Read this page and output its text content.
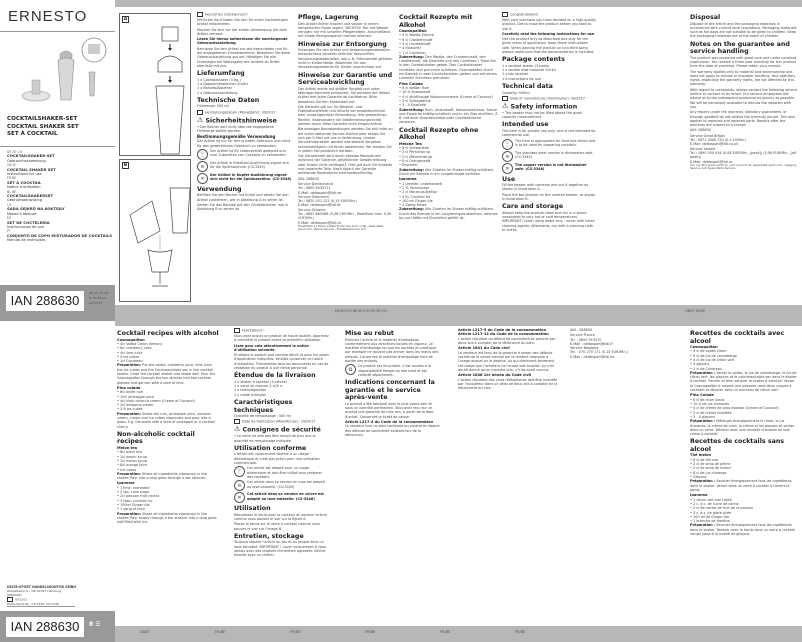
ERNESTO
COCKTAILSHAKER-SET
COCKTAIL SHAKER SET
SET À COCKTAIL
DE AT CH
COCKTAILSHAKER-SET
Gebrauchsanweisung
GB IE
COCKTAIL SHAKER SET
Instructions for use
FR BE
SET À COCKTAIL
Notice d'utilisation
NL BE
COCKTAILSHAKERSET
Gebruiksaanwijzing
CZ
SADA ŠEJKRŮ NA KOKTEJLY
Návod k obsluze
ES
SET DE COCTELERÍA
Instrucciones de uso
PT
CONJUNTO DE COPO MISTURADOR DE COCKTAILS
Manual de instruções
IAN 288630	DE AT CH GB IE FR BE NL CZ ES PT
A
B

Herzlichen Glückwunsch!

Mit Ihrem Kauf haben Sie sich für einen hochwertigen Artikel entschieden.

Machen Sie sich vor der ersten Verwendung mit dem Artikel vertraut.

Lesen Sie hierzu aufmerksam die nachfolgende Gebrauchsanleitung.

Benutzen Sie den Artikel nur wie beschrieben und für die angegebenen Einsatzbereiche. Bewahren Sie diese Gebrauchsanleitung gut auf. Händigen Sie alle Unterlagen bei Weitergabe des Artikels an Dritte ebenfalls mit aus.

Lieferumfang
1 x Cocktailshaker (3 tlg.)
1 x Doppelmessbecher 2cl/4cl
1 x Barsieb/Abseiher
1 x Gebrauchsanleitung
Technische Daten

Füllmenge: 500 ml

Herstellungsdatum (Monat/Jahr): 09/2017

⚠ Sicherheitshinweise
• Der Becher darf nicht über die angegebene Füllmenge befüllt werden.
Bestimmungsgemäße Verwendung

Der Artikel ist nur für den privaten Gebrauch und nicht für den gewerblichen Gebrauch zu verwenden.

🍸
Der Artikel ist für Lebensmittel geeignet und zum Zubereiten von Cocktails zu verwenden.
≋
Der Artikel in Edelstahl-Ausführung eignet sich für die Spülmaschine. (CS-3345)
✕
Der Artikel in Kupfer-Ausführung eignet sich nicht für die Spülmaschine. (CS-3346)
Verwendung

Befüllen Sie den Becher mit Inhalt und setzen Sie den Artikel zusammen, wie in Abbildung A zu sehen ist.

Setzen Sie das Barsieb auf den Cocktailbecher, wie in Abbildung B zu sehen ist.

Pflege, Lagerung

Den Artikel immer trocken und sauber in einem temperierten Raum lagern. WICHTIG! Nur mit Wasser reinigen; nie mit scharfen Pflegemitteln. Anschließend mit einem Reinigungstuch trocken wischen.

Hinweise zur Entsorgung

Entsorgen Sie den Artikel und Verpackungsmaterialien entsprechend aktueller örtlicher Vorschriften. Verpackungsmaterialien, wie z. B. Folienbeutel gehören nicht in Kinderhände. Bewahren Sie das Verpackungsmaterial für Kinder unerreichbar auf.

Hinweise zur Garantie und Serviceabwicklung

Der Artikel wurde mit größter Sorgfalt und unter ständiger Kontrolle produziert. Sie erhalten auf diesen Artikel drei Jahre Garantie ab Kaufdatum. Bitte bewahren Sie den Kassenbon auf.

Die Garantie gilt nur für Material- und Fabrikationsfehler und erlischt bei missbräuchlicher oder unsachgemäßer Behandlung. Ihre gesetzlichen Rechte, insbesondere die Gewährleistungsrechte, werden durch diese Garantie nicht eingeschränkt.

Bei etwaigen Beanstandungen wenden Sie sich bitte an die unten stehende Service-Hotline oder setzen Sie sich per E-Mail mit uns in Verbindung. Unsere Servicemitarbeiter werden das weitere Vorgehen schnellstmöglich mit Ihnen abstimmen. Wir werden Sie in jedem Fall persönlich beraten.

Die Garantiezeit wird durch etwaige Reparaturen aufgrund der Garantie, gesetzlicher Gewährleistung oder Kulanz nicht verlängert. Dies gilt auch für ersetzte und reparierte Teile. Nach Ablauf der Garantie anfallende Reparaturen sind kostenpflichtig.

IAN: 288630

Service Deutschland
Tel.: 0800 5435111
E-Mail: deltasport@lidl.de
Service Österreich
Tel.: 0820 201 222 (0,15 EUR/Min.)
E-Mail: deltasport@lidl.at
Service Schweiz
Tel.: 0842 665566 (0,08 CHF/Min., Mobilfunk max. 0,40 CHF/Min.)
E-Mail: deltasport@lidl.ch

Ersatzteile zu Ihrem Artikel finden Sie auch unter: www.delta-sport.com, Rubrik Service - Ersatzteilservice Lidl

Cocktail Rezepte mit Alkohol
Cosmopolitan
• 4 cl Wodka Zitrone
• 6 cl Cranberrysaft
• 4 cl Limettensaft
• 4 Eiswürfel
• 1 cl Cointreau

Zubereitung: Den Wodka, den Cranberrysaft, den Limettensaft, die Eiswürfel und den Cointreau / Triple Sec in den Cocktailshaker geben. Den Cocktailshaker schließen und gut durch schütteln. Cosmopolitan durch ein Barsieb in zwei Cocktailschalen gießen und mit einem Limetten Schnitzen garnieren.

Pina Colada
• 6 cl weißer Rum
• 10 cl Ananassaft
• 4 cl dickflüssige Kokosnusscreme (Cream of Coconut)
• 2 cl Schlagsahne
• 3 - 4 Eiswürfel

Zubereitung: Rum, Ananassaft, Kokosnusscreme, Sahne und Eiswürfel kräftig schütteln und in ein Glas einfüllen. Z. B. mit einer Ananasscheibe oder Cocktailkirsche verzieren.

Cocktail Rezepte ohne Alkohol
Melone Tea
• 8 cl Schwarztee
• 2 cl Pfirsichsirup
• 2 cl Melonensirup
• 8 cl Orangensaft
• Eiswürfel

Zubereitung: Alle Zutaten im Shaker kräftig schütteln. Durch ein Barsieb in ein Longdrinkglas einfüllen.

Ipanema
• 1 Limette, unbehandelt
• 2 TL Rohrzucker
• 2 cl Maracuja-Nektar
• 3 EL Crushed Ice
• 100 ml Ginger Ale
• 1 Zweig Minze

Zubereitung: Alle Zutaten im Shaker kräftig schütteln. Durch das Barsieb in ein Longdrinkglas abseihen, welches bis zur Hälfte mit Eiswürfeln gefüllt ist.

Congratulations!

With your purchase you have decided on a high-quality product. Get to know the product before you start to use it.

Carefully read the following instructions for use.

Use the product only as described and only for the given areas of application. Keep these instructions safe. When passing the product on to a third party, always make sure that the documentation is included.

Package contents
1 x cocktail shaker (3 parts)
1 x double shot measure 2cl/4cl
1 x bar strainer
1 x instructions for use
Technical data

Capacity: 500ml

Date of manufacture (month/year): 09/2017

⚠ Safety information
• The beaker may not be filled above the given capacity measurement.
Intended use

The item is for private use only, and is not intended for commercial use.

🍸
The item is appropriate for food and drinks and is to be used for preparing cocktails.
≋
The stainless steel version is dishwasher safe. (CS-3345)
✕
The copper version is not dishwasher safe. (CS-3346)
Use

Fill the beaker with contents and put it together as shown in illustration A.

Place the bar strainer on the cocktail beaker, as shown in illustration B.

Care and storage

Always keep the product clean and dry in a space unexposed to very hot or cold temperatures. IMPORTANT! Clean using water only - never with harsh cleaning agents. Afterwards, dry with a cleaning cloth or cloths.

Disposal

Dispose of the article and the packaging materials in accordance with current local regulations. Packaging materials such as foil bags are not suitable to be given to children. Keep the packaging materials out of the reach of children.

Notes on the guarantee and service handling

The product was produced with great care and under constant supervision. You receive a three-year warranty for this product from the date of purchase. Please retain your receipt.

The warranty applies only to material and workmanship and does not apply to misuse or improper handling. Your statutory rights, especially the warranty rights, are not affected by this warranty.

With regard to complaints, please contact the following service hotline or contact us by email. Our service employees will advise as to the subsequent procedure as quickly as possible. We will be personally available to discuss the situation with you.

Any repairs under the warranty, statutory guarantees, or through goodwill do not extend the warranty period. This also applies to replaced and repaired parts. Repairs after the warranty are subject to a charge.

IAN: 288630

Service Great Britain
Tel.: 0871 5000 720 (£ 0.10/Min.)
E-Mail: deltasport@lidl.co.uk
Service Ireland
Tel.: 1890 930 034 (0,08 EUR/Min., [peak]) (0,06 EUR/Min., [off peak])
E-Mail: deltasport@lidl.ie

You can find spare parts for your product at: www.delta-sport.com, category Service, Lidl Spare Parts Service.

DE/AT/CH DE/AT/CH DE/AT/CH	GB/IE GB/IE
DELTA-SPORT HANDELSKONTOR GMBH
Wragekamp 6 • DE-22397 Hamburg
GERMANY
09/2017
Delta-Sport-Nr.: CS-3345, CS-3346
IAN 288630	8 ☰
Cocktail recipes with alcohol
Cosmopolitan
• 4cl Vodka Citron (lemon)
• 6cl cranberry juice
• 4cl lime juice
• 4 ice cubes
• 1cl Cointreau

Preparation: Put the vodka, cranberry juice, lime juice, the ice cubes and the Cointreau/triple sec in the cocktail shaker. Close the cocktail shaker and shake well. Pour the Cosmopolitan through the bar strainer into two cocktail glasses and garnish with a slice of lime.

Pina colada
• 6cl white rum
• 10cl pineapple juice
• 4cl thick coconut cream (Cream of Coconut)
• 2cl whipping cream
• 3-4 ice cubes

Preparation: Shake the rum, pineapple juice, coconut cream, cream and ice cubes vigorously and pour into a glass. E.g. Decorate with a slice of pineapple or a cocktail cherry.

Non-alcoholic cocktail recipes
Melon tea
• 8cl black tea
• 2cl peach syrup
• 2cl melon syrup
• 8cl orange juice
• Ice cubes

Preparation: Shake all ingredients vigorously in the shaker. Pour into a long glass through a bar strainer.

Ipanema
• 1 lime, untreated
• 2 tsp. cane sugar
• 2cl passion fruit nectar
• 3 tbsp. crushed ice
• 100ml Ginger Ale
• 1 sprig of mint

Preparation: Shake all ingredients vigorously in the shaker. Pour slowly through a bar strainer into a long glass half-filled with ice.

Félicitations !

Vous avez acquis un produit de haute qualité. Apprenez à connaître le produit avant sa première utilisation.

Lisez pour cela attentivement la notice d'utilisation suivante.

N'utilisez le produit que comme décrit et pour les zones d'application indiquées. Veuillez conserver ce notice d'utilisation. Transmettez tous les documents en cas de cessation du produit à une tierce personne.

Étendue de la livraison
1 x shaker à cocktail (3 pièces)
1 x verre de mesure 2 cl/4 cl
1 x tamis/égouttoir
1 x mode d'emploi
Caractéristiques techniques

Quantité de remplissage : 500 ml

Date de fabrication (Mois/Année) : 09/2017

⚠ Consignes de sécurité
• Le verre ne doit pas être rempli de plus que la quantité de remplissage indiquée.
Utilisation conforme

L'article est uniquement destiné à un usage domestique et n'est pas prévu pour une utilisation commerciale.

🍸
Cet article est adapté pour un usage alimentaire et doit être utilisé pour préparer des cocktails.
≋
Cet article dans sa version en inox est adapté au lave-vaisselle. (CS-3345)
✕
Cet article dans sa version en cuivre est adapté au lave-vaisselle. (CS-3346)
Utilisation

Remplissez le verre avec le contenu et montez l'article comme vous pouvez le voir sur la figure A.

Placez le tamis sur le verre à cocktail comme vous pouvez le voir sur l'image B.

Entretien, stockage

Toujours stocker l'article au sec et au propre dans un local tempéré. IMPORTANT ! Laver uniquement à l'eau, jamais avec des produits d'entretien agressifs. Sécher ensuite avec un chiffon.

Mise au rebut

Éliminez l'article et le matériel d'emballage conformément aux directives locales en vigueur. Le matériel d'emballage tel que les sachets en plastique par exemple ne doivent pas arriver dans les mains des enfants. Conservez le matériel d'emballage hors de portée des enfants.

♻
Ce produit est recyclable. Il est soumis à la responsabilité élargie du fabricant et est collecté séparément.
Indications concernant la garantie et le service après-vente

Le produit a été fabriqué avec le plus grand soin et sous un contrôle permanent. Vous avez reçu sur ce produit une garantie de trois ans, à partir de la date d'achat. Conservez le ticket de caisse.

Article L217-4 du Code de la consommation

Le vendeur livre un bien conforme au contrat et répond des défauts de conformité existant lors de la délivrance.

Article L217-5 du Code de la consommation
Article L217-12 du Code de la consommation

L'action résultant du défaut de conformité se prescrit par deux ans à compter de la délivrance du bien.

Article 1641 du Code civil

Le vendeur est tenu de la garantie à raison des défauts cachés de la chose vendue qui la rendent impropre à l'usage auquel on la destine, ou qui diminuent tellement cet usage que l'acheteur ne l'aurait pas acquise, ou n'en aurait donné qu'un moindre prix, s'il les avait connus.

Article 1648 1er alinéa du Code civil

L'action résultant des vices rédhibitoires doit être intentée par l'acquéreur dans un délai de deux ans à compter de la découverte du vice.

IAN : 288630

Service France
Tel. : 0800 919270
E-Mail : deltasport@lidl.fr
Service Belgique
Tel. : 070 270 171 (0,15 EUR/Min.)
E-Mail : deltasport@lidl.be
Recettes de cocktails avec alcool
Cosmopolitan
• 4 cl de vodka citron
• 6 cl de jus de canneberge
• 4 cl de jus de citron vert
• 4 glaçons
• 1 cl de Cointreau

Préparation : Verser la vodka, le jus de canneberge, le jus de citron vert, les glaçons et le cointreau/triple sec dans le shaker à cocktail. Fermer et bien secouer le shaker à cocktail. Verser le Cosmopolitan à travers une passoire dans deux coupes à cocktails et décorer avec un morceau de citron vert.

Piña Colada
• 6 cl de rhum blanc
• 10 cl de jus d'ananas
• 4 cl de crème de coco épaisse (Cream of Coconut)
• 2 cl de crème fouettée
• 3 - 4 glaçons

Préparation : Mélanger énergiquement le rhum, le jus d'ananas, la crème de coco, la crème et les glaçons et verser dans un verre. Décorer avec une rondelle d'ananas ou une cerise à cocktail.

Recettes de cocktails sans alcool
Thé melon
• 8 cl de thé noir
• 2 cl de sirop de pêche
• 2 cl de sirop de melon
• 8 cl de jus d'orange
• Glaçons

Préparation : Secouer énergiquement tous les ingrédients dans le shaker. Verser dans un verre à cocktail à travers le tamis.

Ipanema
• 1 citron vert non traité
• 2 c. à c. de sucre de canne
• 2 cl de nectar de fruit de la passion
• 3 c. à s. de glace pilée
• 100 ml de Ginger Ale
• 1 branche de menthe

Préparation : Secouer énergiquement tous les ingrédients dans le shaker. Tamiser avec le tamis dans un verre à cocktail rempli jusqu'à la moitié de glaçons.

GB/IE	FR/BE	FR/BE	FR/BE	FR/BE	FR/BE
